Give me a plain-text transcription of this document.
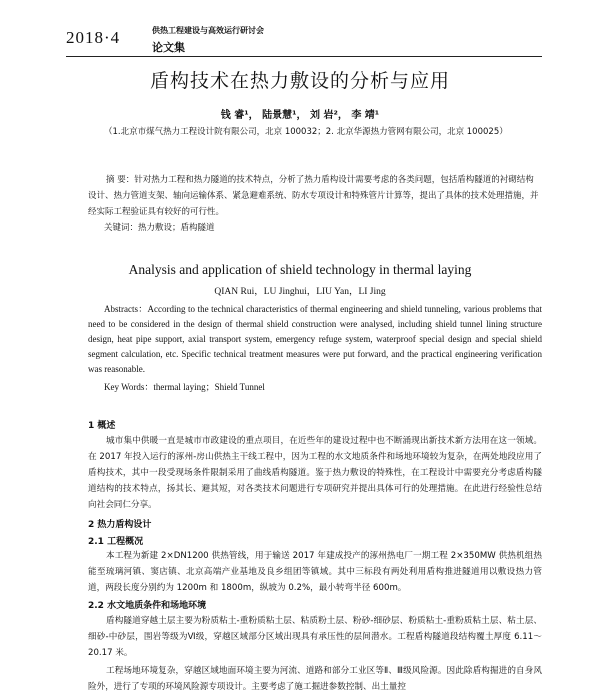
2018·4	供热工程建设与高效运行研讨会
论文集
盾构技术在热力敷设的分析与应用
钱 睿¹， 陆景慧¹， 刘 岩²， 李 靖¹
（1.北京市煤气热力工程设计院有限公司，北京 100032；2. 北京华源热力管网有限公司，北京 100025）
摘 要：针对热力工程和热力隧道的技术特点，分析了热力盾构设计需要考虑的各类问题，包括盾构隧道的衬砌结构设计、热力管道支架、轴向运输体系、紧急避难系统、防水专项设计和特殊管片计算等，提出了具体的技术处理措施，并经实际工程验证具有较好的可行性。
关键词：热力敷设；盾构隧道
Analysis and application of shield technology in thermal laying
QIAN Rui，LU Jinghui，LIU Yan，LI Jing
Abstracts：According to the technical characteristics of thermal engineering and shield tunneling, various problems that need to be considered in the design of thermal shield construction were analysed, including shield tunnel lining structure design, heat pipe support, axial transport system, emergency refuge system, waterproof special design and special shield segment calculation, etc. Specific technical treatment measures were put forward, and the practical engineering verification was reasonable.
Key Words：thermal laying；Shield Tunnel
1 概述
城市集中供暖一直是城市市政建设的重点项目，在近些年的建设过程中也不断涌现出新技术新方法用在这一领域。在 2017 年投入运行的涿州-房山供热主干线工程中，因为工程的水文地质条件和场地环境较为复杂，在两处地段应用了盾构技术，其中一段受现场条件限制采用了曲线盾构隧道。鉴于热力敷设的特殊性，在工程设计中需要充分考虑盾构隧道结构的技术特点，扬其长、避其短，对各类技术问题进行专项研究并提出具体可行的处理措施。在此进行经验性总结向社会同仁分享。
2 热力盾构设计
2.1 工程概况
本工程为新建 2×DN1200 供热管线，用于输送 2017 年建成投产的涿州热电厂一期工程 2×350MW 供热机组热能至琉璃河镇、窦店镇、北京高端产业基地及良乡组团等镇域。其中三标段有两处利用盾构推进隧道用以敷设热力管道，两段长度分别约为 1200m 和 1800m，纵坡为 0.2%，最小转弯半径 600m。
2.2 水文地质条件和场地环境
盾构隧道穿越土层主要为粉质粘土-重粉质粘土层、粘质粉土层、粉砂-细砂层、粉质粘土-重粉质粘土层、粘土层、细砂-中砂层，围岩等级为Ⅵ级，穿越区域部分区域出现具有承压性的层间潜水。工程盾构隧道段结构覆土厚度 6.11～20.17 米。
工程场地环境复杂，穿越区域地面环境主要为河流、道路和部分工业区等Ⅱ、Ⅲ级风险源。因此除盾构掘进的自身风险外，进行了专项的环境风险源专项设计。主要考虑了施工掘进参数控制、出土量控
